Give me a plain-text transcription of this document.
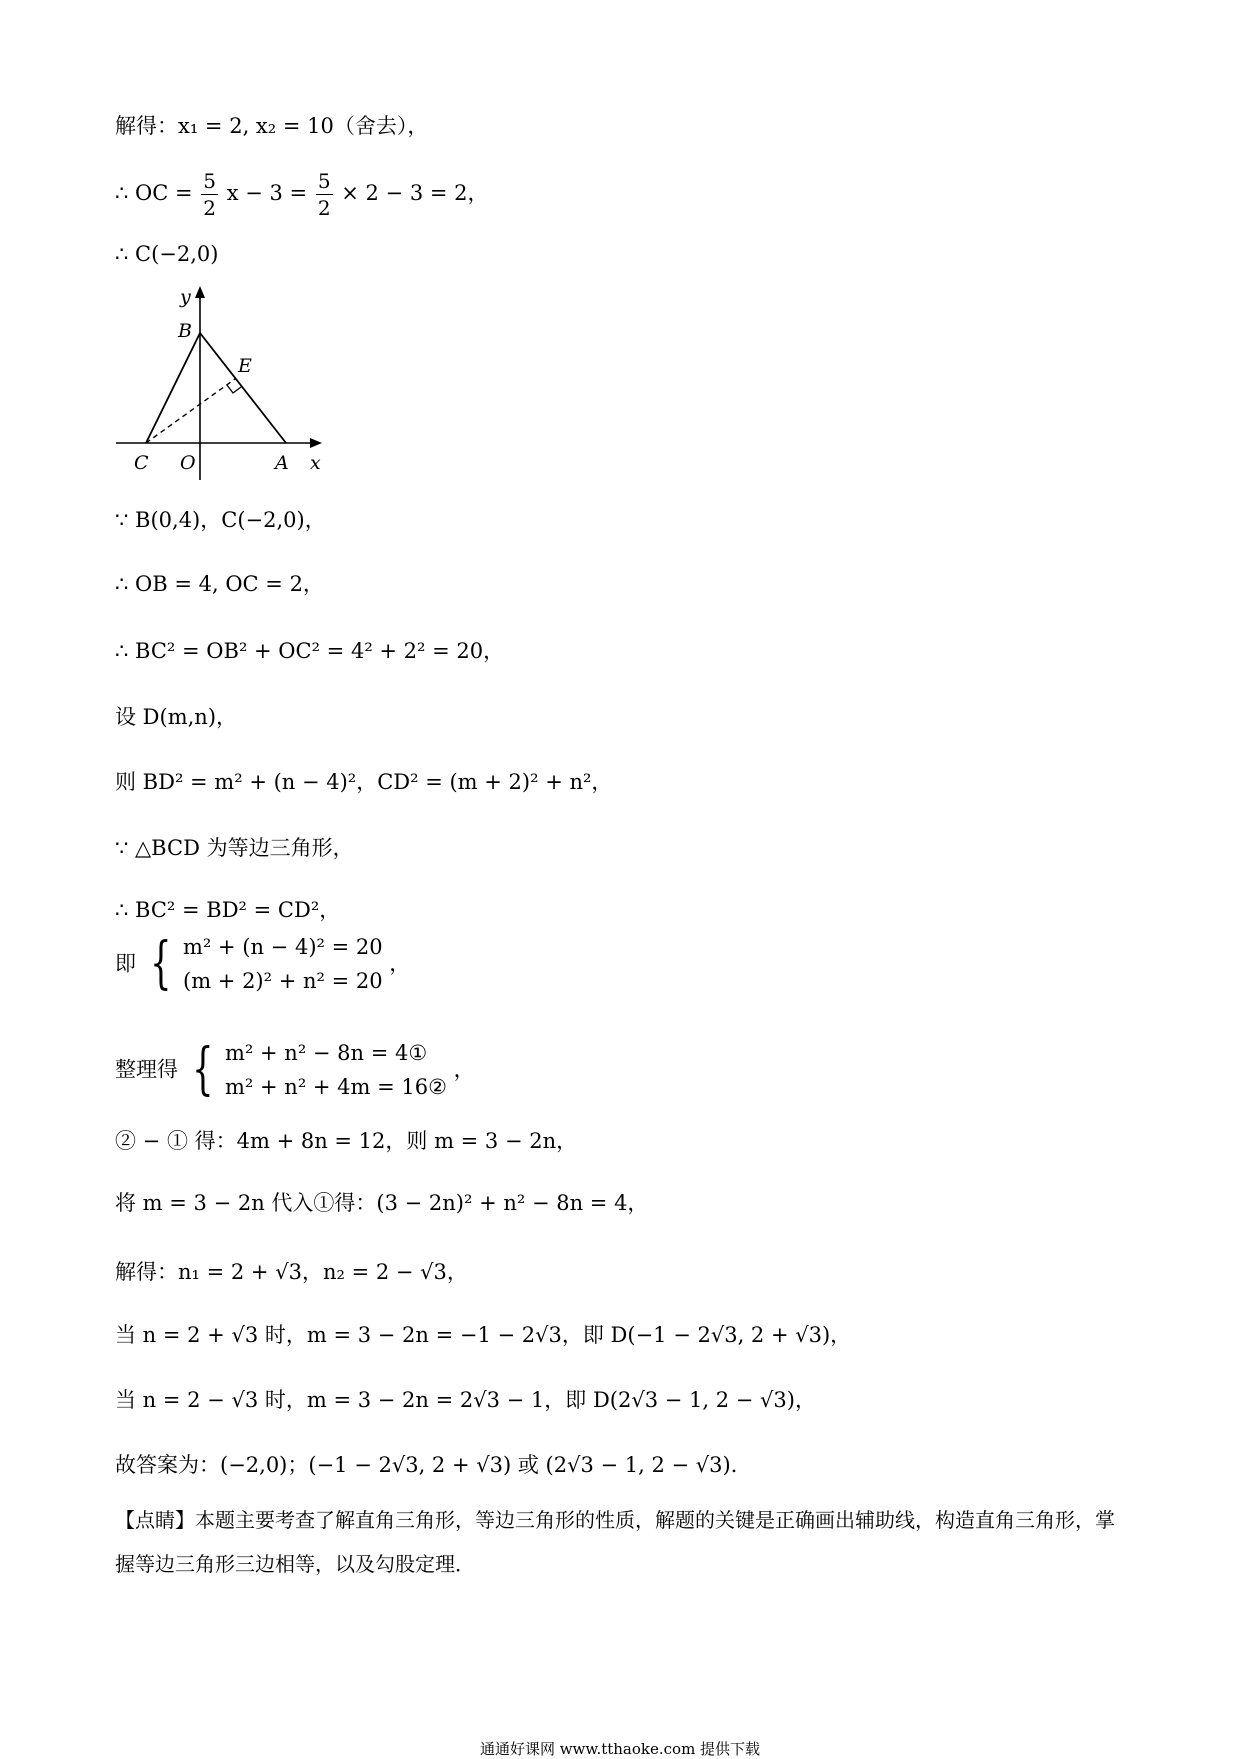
解得：x₁ = 2, x₂ = 10（舍去），
∴ OC = $\frac{5}{2}$ $x - 3 = \frac{5}{2} \times 2 - 3 = 2$，
∴ C(−2,0)
y
B
E
C O	A x
∵ B(0,4)，C(−2,0)，
∴ OB = 4, OC = 2，
∴ BC² = OB² + OC² = 4² + 2² = 20，
设 D(m,n)，
则 BD² = m² + (n − 4)²，CD² = (m + 2)² + n²，
∵ △BCD 为等边三角形，
∴ BC² = BD² = CD²，
即 { m² + (n − 4)² = 20
(m + 2)² + n² = 20
，
整理得 { m² + n² − 8n = 4①
m² + n² + 4m = 16②
，
② − ① 得：4m + 8n = 12，则 m = 3 − 2n，
将 m = 3 − 2n 代入①得：(3 − 2n)² + n² − 8n = 4，
解得：n₁ = 2 + √3，n₂ = 2 − √3，
当 n = 2 + √3 时，m = 3 − 2n = −1 − 2√3，即 D(−1 − 2√3, 2 + √3)，
当 n = 2 − √3 时，m = 3 − 2n = 2√3 − 1，即 D(2√3 − 1, 2 − √3)，
故答案为：(−2,0)；(−1 − 2√3, 2 + √3) 或 (2√3 − 1, 2 − √3)．
【点睛】本题主要考查了解直角三角形，等边三角形的性质，解题的关键是正确画出辅助线，构造直角三角形，掌握等边三角形三边相等，以及勾股定理．
通通好课网 www.tthaoke.com 提供下载
